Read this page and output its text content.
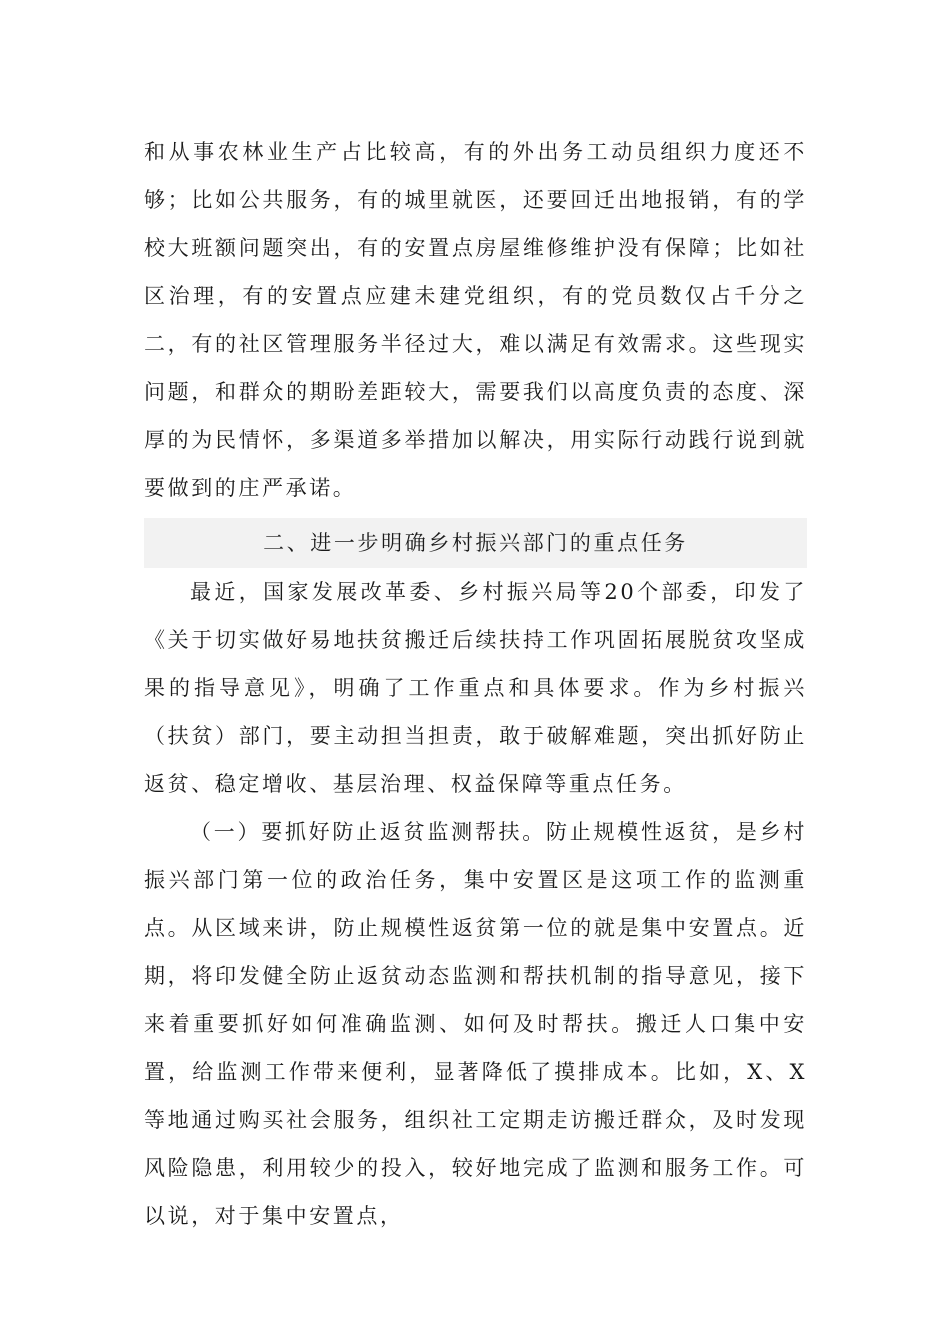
和从事农林业生产占比较高，有的外出务工动员组织力度还不够；比如公共服务，有的城里就医，还要回迁出地报销，有的学校大班额问题突出，有的安置点房屋维修维护没有保障；比如社区治理，有的安置点应建未建党组织，有的党员数仅占千分之二，有的社区管理服务半径过大，难以满足有效需求。这些现实问题，和群众的期盼差距较大，需要我们以高度负责的态度、深厚的为民情怀，多渠道多举措加以解决，用实际行动践行说到就要做到的庄严承诺。

二、进一步明确乡村振兴部门的重点任务

最近，国家发展改革委、乡村振兴局等20个部委，印发了《关于切实做好易地扶贫搬迁后续扶持工作巩固拓展脱贫攻坚成果的指导意见》，明确了工作重点和具体要求。作为乡村振兴（扶贫）部门，要主动担当担责，敢于破解难题，突出抓好防止返贫、稳定增收、基层治理、权益保障等重点任务。

（一）要抓好防止返贫监测帮扶。防止规模性返贫，是乡村振兴部门第一位的政治任务，集中安置区是这项工作的监测重点。从区域来讲，防止规模性返贫第一位的就是集中安置点。近期，将印发健全防止返贫动态监测和帮扶机制的指导意见，接下来着重要抓好如何准确监测、如何及时帮扶。搬迁人口集中安置，给监测工作带来便利，显著降低了摸排成本。比如，X、X等地通过购买社会服务，组织社工定期走访搬迁群众，及时发现风险隐患，利用较少的投入，较好地完成了监测和服务工作。可以说，对于集中安置点，
